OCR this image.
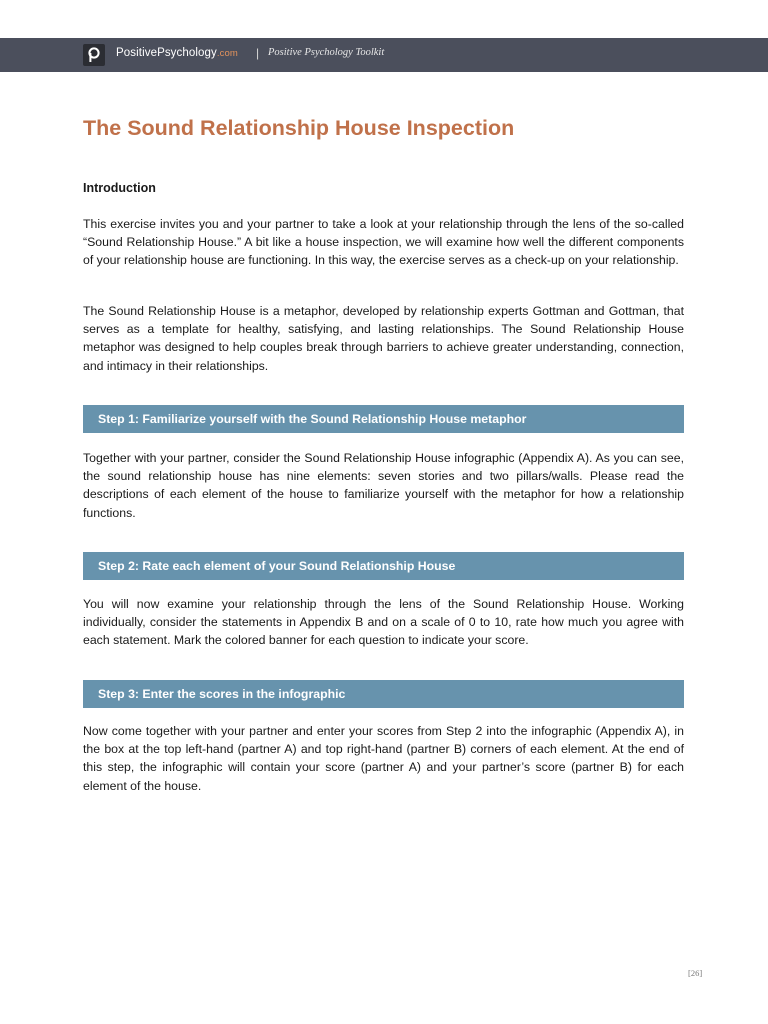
PositivePsychology.com | Positive Psychology Toolkit
The Sound Relationship House Inspection
Introduction

This exercise invites you and your partner to take a look at your relationship through the lens of the so-called “Sound Relationship House.” A bit like a house inspection, we will examine how well the different components of your relationship house are functioning. In this way, the exercise serves as a check-up on your relationship.

The Sound Relationship House is a metaphor, developed by relationship experts Gottman and Gottman, that serves as a template for healthy, satisfying, and lasting relationships. The Sound Relationship House metaphor was designed to help couples break through barriers to achieve greater understanding, connection, and intimacy in their relationships.

Step 1: Familiarize yourself with the Sound Relationship House metaphor

Together with your partner, consider the Sound Relationship House infographic (Appendix A). As you can see, the sound relationship house has nine elements: seven stories and two pillars/walls. Please read the descriptions of each element of the house to familiarize yourself with the metaphor for how a relationship functions.

Step 2: Rate each element of your Sound Relationship House

You will now examine your relationship through the lens of the Sound Relationship House. Working individually, consider the statements in Appendix B and on a scale of 0 to 10, rate how much you agree with each statement. Mark the colored banner for each question to indicate your score.

Step 3: Enter the scores in the infographic

Now come together with your partner and enter your scores from Step 2 into the infographic (Appendix A), in the box at the top left-hand (partner A) and top right-hand (partner B) corners of each element. At the end of this step, the infographic will contain your score (partner A) and your partner’s score (partner B) for each element of the house.

[26]
